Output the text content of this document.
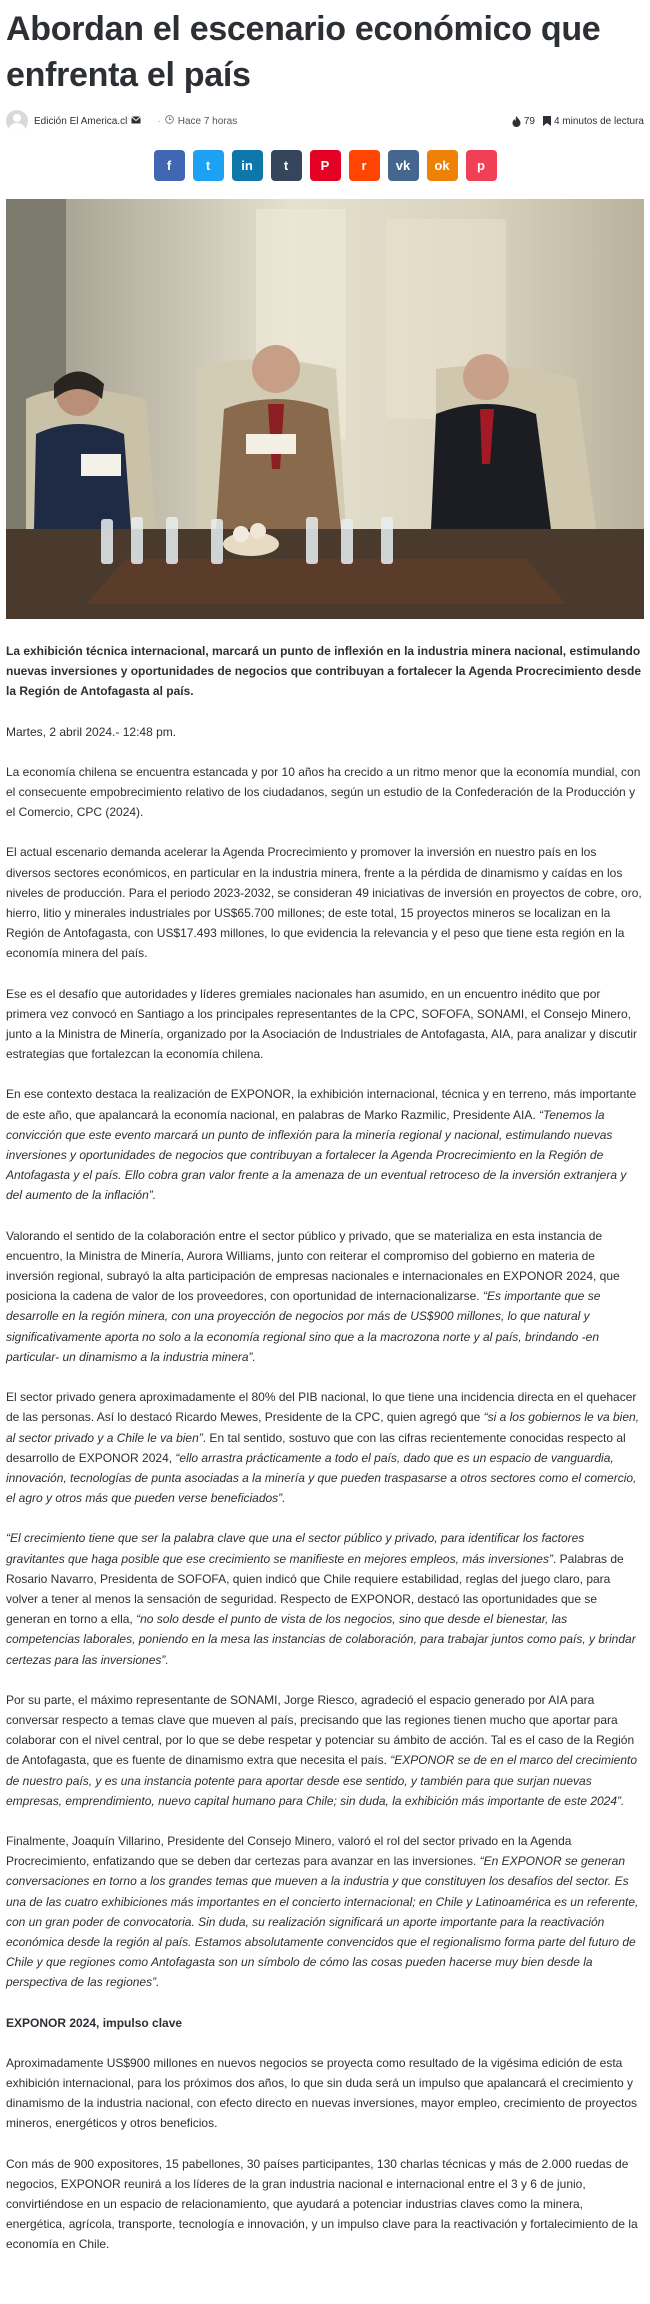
Abordan el escenario económico que enfrenta el país
Edición El America.cl	· Hace 7 horas	79 4 minutos de lectura
f	t in t P r vk ok p

La exhibición técnica internacional, marcará un punto de inflexión en la industria minera nacional, estimulando nuevas inversiones y oportunidades de negocios que contribuyan a fortalecer la Agenda Procrecimiento desde la Región de Antofagasta al país.

Martes, 2 abril 2024.- 12:48 pm.

La economía chilena se encuentra estancada y por 10 años ha crecido a un ritmo menor que la economía mundial, con el consecuente empobrecimiento relativo de los ciudadanos, según un estudio de la Confederación de la Producción y el Comercio, CPC (2024).

El actual escenario demanda acelerar la Agenda Procrecimiento y promover la inversión en nuestro país en los diversos sectores económicos, en particular en la industria minera, frente a la pérdida de dinamismo y caídas en los niveles de producción. Para el periodo 2023-2032, se consideran 49 iniciativas de inversión en proyectos de cobre, oro, hierro, litio y minerales industriales por US$65.700 millones; de este total, 15 proyectos mineros se localizan en la Región de Antofagasta, con US$17.493 millones, lo que evidencia la relevancia y el peso que tiene esta región en la economía minera del país.

Ese es el desafío que autoridades y líderes gremiales nacionales han asumido, en un encuentro inédito que por primera vez convocó en Santiago a los principales representantes de la CPC, SOFOFA, SONAMI, el Consejo Minero, junto a la Ministra de Minería, organizado por la Asociación de Industriales de Antofagasta, AIA, para analizar y discutir estrategias que fortalezcan la economía chilena.

En ese contexto destaca la realización de EXPONOR, la exhibición internacional, técnica y en terreno, más importante de este año, que apalancará la economía nacional, en palabras de Marko Razmilic, Presidente AIA. “Tenemos la convicción que este evento marcará un punto de inflexión para la minería regional y nacional, estimulando nuevas inversiones y oportunidades de negocios que contribuyan a fortalecer la Agenda Procrecimiento en la Región de Antofagasta y el país. Ello cobra gran valor frente a la amenaza de un eventual retroceso de la inversión extranjera y del aumento de la inflación”.

Valorando el sentido de la colaboración entre el sector público y privado, que se materializa en esta instancia de encuentro, la Ministra de Minería, Aurora Williams, junto con reiterar el compromiso del gobierno en materia de inversión regional, subrayó la alta participación de empresas nacionales e internacionales en EXPONOR 2024, que posiciona la cadena de valor de los proveedores, con oportunidad de internacionalizarse. “Es importante que se desarrolle en la región minera, con una proyección de negocios por más de US$900 millones, lo que natural y significativamente aporta no solo a la economía regional sino que a la macrozona norte y al país, brindando -en particular- un dinamismo a la industria minera”.

El sector privado genera aproximadamente el 80% del PIB nacional, lo que tiene una incidencia directa en el quehacer de las personas. Así lo destacó Ricardo Mewes, Presidente de la CPC, quien agregó que “si a los gobiernos le va bien, al sector privado y a Chile le va bien”. En tal sentido, sostuvo que con las cifras recientemente conocidas respecto al desarrollo de EXPONOR 2024, “ello arrastra prácticamente a todo el país, dado que es un espacio de vanguardia, innovación, tecnologías de punta asociadas a la minería y que pueden traspasarse a otros sectores como el comercio, el agro y otros más que pueden verse beneficiados”.

“El crecimiento tiene que ser la palabra clave que una el sector público y privado, para identificar los factores gravitantes que haga posible que ese crecimiento se manifieste en mejores empleos, más inversiones”. Palabras de Rosario Navarro, Presidenta de SOFOFA, quien indicó que Chile requiere estabilidad, reglas del juego claro, para volver a tener al menos la sensación de seguridad. Respecto de EXPONOR, destacó las oportunidades que se generan en torno a ella, “no solo desde el punto de vista de los negocios, sino que desde el bienestar, las competencias laborales, poniendo en la mesa las instancias de colaboración, para trabajar juntos como país, y brindar certezas para las inversiones”.

Por su parte, el máximo representante de SONAMI, Jorge Riesco, agradeció el espacio generado por AIA para conversar respecto a temas clave que mueven al país, precisando que las regiones tienen mucho que aportar para colaborar con el nivel central, por lo que se debe respetar y potenciar su ámbito de acción. Tal es el caso de la Región de Antofagasta, que es fuente de dinamismo extra que necesita el país. “EXPONOR se de en el marco del crecimiento de nuestro país, y es una instancia potente para aportar desde ese sentido, y también para que surjan nuevas empresas, emprendimiento, nuevo capital humano para Chile; sin duda, la exhibición más importante de este 2024”.

Finalmente, Joaquín Villarino, Presidente del Consejo Minero, valoró el rol del sector privado en la Agenda Procrecimiento, enfatizando que se deben dar certezas para avanzar en las inversiones. “En EXPONOR se generan conversaciones en torno a los grandes temas que mueven a la industria y que constituyen los desafíos del sector. Es una de las cuatro exhibiciones más importantes en el concierto internacional; en Chile y Latinoamérica es un referente, con un gran poder de convocatoria. Sin duda, su realización significará un aporte importante para la reactivación económica desde la región al país. Estamos absolutamente convencidos que el regionalismo forma parte del futuro de Chile y que regiones como Antofagasta son un símbolo de cómo las cosas pueden hacerse muy bien desde la perspectiva de las regiones”.

EXPONOR 2024, impulso clave

Aproximadamente US$900 millones en nuevos negocios se proyecta como resultado de la vigésima edición de esta exhibición internacional, para los próximos dos años, lo que sin duda será un impulso que apalancará el crecimiento y dinamismo de la industria nacional, con efecto directo en nuevas inversiones, mayor empleo, crecimiento de proyectos mineros, energéticos y otros beneficios.

Con más de 900 expositores, 15 pabellones, 30 países participantes, 130 charlas técnicas y más de 2.000 ruedas de negocios, EXPONOR reunirá a los líderes de la gran industria nacional e internacional entre el 3 y 6 de junio, convirtiéndose en un espacio de relacionamiento, que ayudará a potenciar industrias claves como la minera, energética, agrícola, transporte, tecnología e innovación, y un impulso clave para la reactivación y fortalecimiento de la economía en Chile.
